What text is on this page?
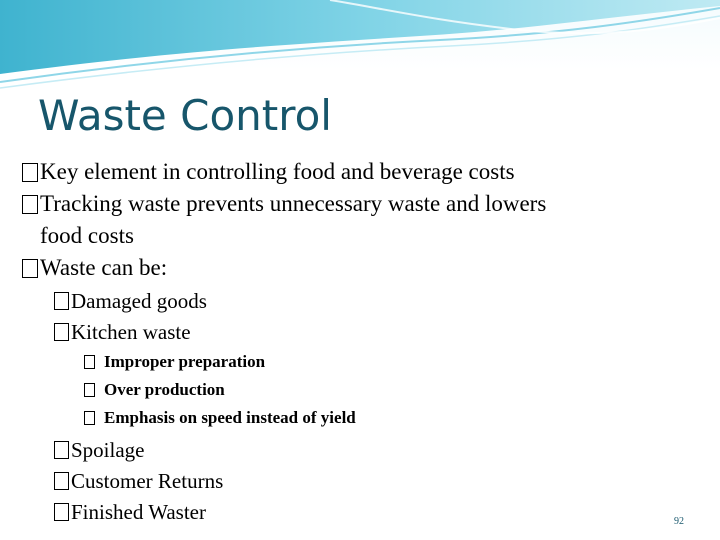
Waste Control
Key element in controlling food and beverage costs
Tracking waste prevents unnecessary waste and lowers
food costs
Waste can be:
Damaged goods
Kitchen waste
Improper preparation
Over production
Emphasis on speed instead of yield
Spoilage
Customer Returns
Finished Waster	92
